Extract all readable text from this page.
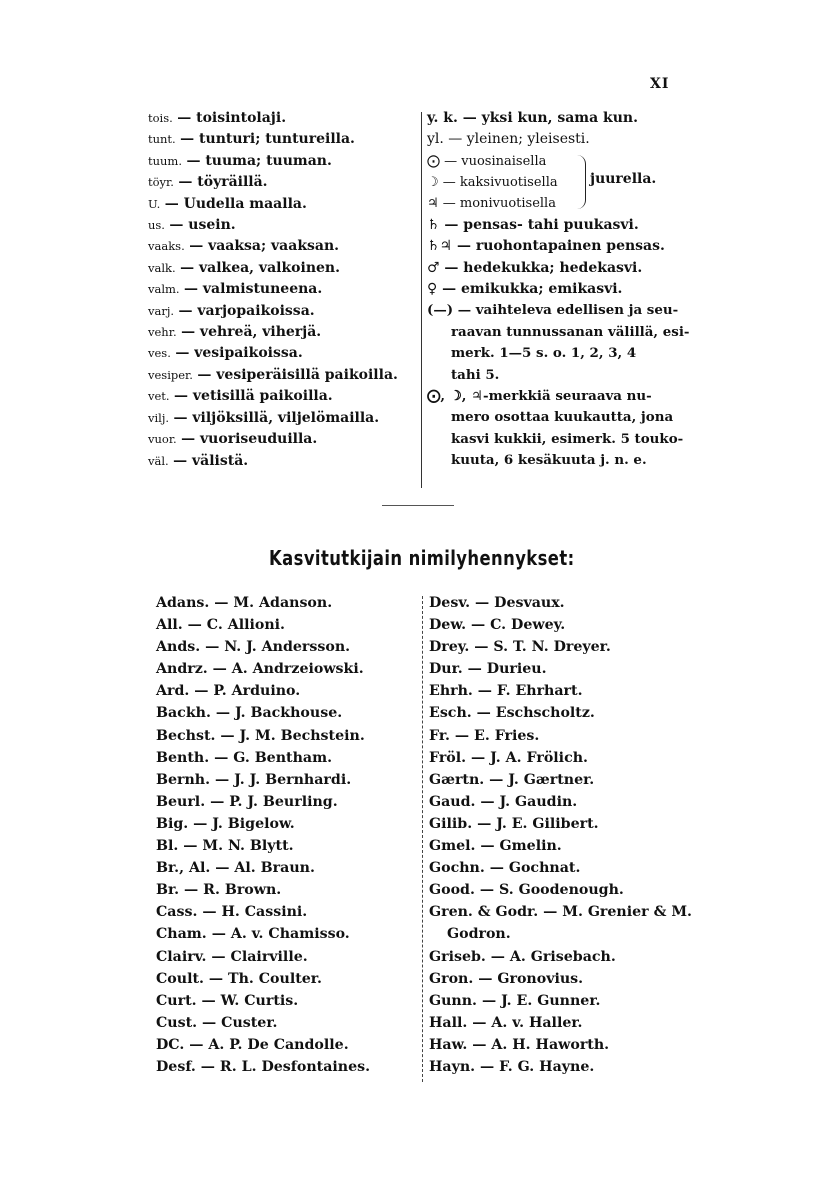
XI
tois. — toisintolaji.
tunt. — tunturi; tuntureilla.
tuum. — tuuma; tuuman.
töyr. — töyräillä.
U. — Uudella maalla.
us. — usein.
vaaks. — vaaksa; vaaksan.
valk. — valkea, valkoinen.
valm. — valmistuneena.
varj. — varjopaikoissa.
vehr. — vehreä, viherjä.
ves. — vesipaikoissa.
vesiper. — vesiperäisillä paikoilla.
vet. — vetisillä paikoilla.
vilj. — viljöksillä, viljelömailla.
vuor. — vuoriseuduilla.
väl. — välistä.
y. k. — yksi kun, sama kun.
yl. — yleinen; yleisesti.
⨀ — vuosinaisella
☽ — kaksivuotisella
♃ — monivuotisella
juurella.
♄ — pensas- tahi puukasvi.
♄♃ — ruohontapainen pensas.
♂ — hedekukka; hedekasvi.
♀ — emikukka; emikasvi.
(—) — vaihteleva edellisen ja seu-
raavan tunnussanan välillä, esi-
merk. 1—5 s. o. 1, 2, 3, 4
tahi 5.
⨀, ☽, ♃-merkkiä seuraava nu-
mero osottaa kuukautta, jona
kasvi kukkii, esimerk. 5 touko-
kuuta, 6 kesäkuuta j. n. e.
Kasvitutkijain nimilyhennykset:
Adans. — M. Adanson.
All. — C. Allioni.
Ands. — N. J. Andersson.
Andrz. — A. Andrzeiowski.
Ard. — P. Arduino.
Backh. — J. Backhouse.
Bechst. — J. M. Bechstein.
Benth. — G. Bentham.
Bernh. — J. J. Bernhardi.
Beurl. — P. J. Beurling.
Big. — J. Bigelow.
Bl. — M. N. Blytt.
Br., Al. — Al. Braun.
Br. — R. Brown.
Cass. — H. Cassini.
Cham. — A. v. Chamisso.
Clairv. — Clairville.
Coult. — Th. Coulter.
Curt. — W. Curtis.
Cust. — Custer.
DC. — A. P. De Candolle.
Desf. — R. L. Desfontaines.
Desv. — Desvaux.
Dew. — C. Dewey.
Drey. — S. T. N. Dreyer.
Dur. — Durieu.
Ehrh. — F. Ehrhart.
Esch. — Eschscholtz.
Fr. — E. Fries.
Fröl. — J. A. Frölich.
Gærtn. — J. Gærtner.
Gaud. — J. Gaudin.
Gilib. — J. E. Gilibert.
Gmel. — Gmelin.
Gochn. — Gochnat.
Good. — S. Goodenough.
Gren. & Godr. — M. Grenier & M.
Godron.
Griseb. — A. Grisebach.
Gron. — Gronovius.
Gunn. — J. E. Gunner.
Hall. — A. v. Haller.
Haw. — A. H. Haworth.
Hayn. — F. G. Hayne.
